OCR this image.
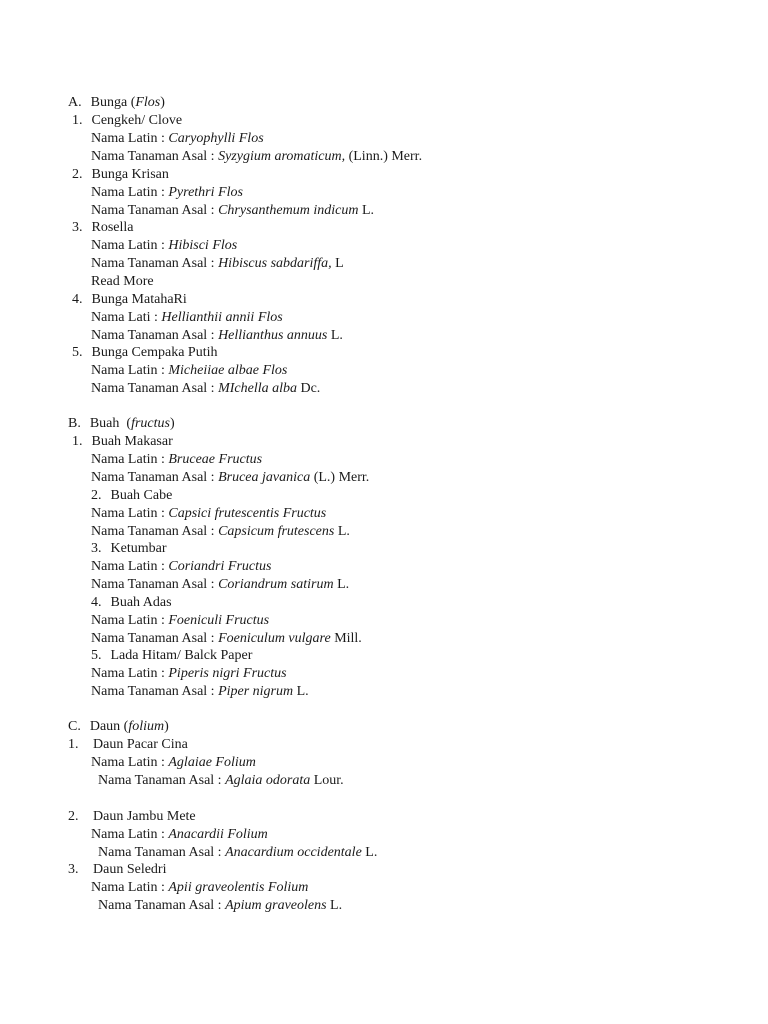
A. Bunga (Flos)
1. Cengkeh/ Clove
Nama Latin : Caryophylli Flos
Nama Tanaman Asal : Syzygium aromaticum, (Linn.) Merr.
2. Bunga Krisan
Nama Latin : Pyrethri Flos
Nama Tanaman Asal : Chrysanthemum indicum L.
3. Rosella
Nama Latin : Hibisci Flos
Nama Tanaman Asal : Hibiscus sabdariffa, L
Read More
4. Bunga MatahaRi
Nama Lati : Hellianthii annii Flos
Nama Tanaman Asal : Hellianthus annuus L.
5. Bunga Cempaka Putih
Nama Latin : Micheiiae albae Flos
Nama Tanaman Asal : MIchella alba Dc.
B. Buah  (fructus)
1. Buah Makasar
Nama Latin : Bruceae Fructus
Nama Tanaman Asal : Brucea javanica (L.) Merr.
2. Buah Cabe
Nama Latin : Capsici frutescentis Fructus
Nama Tanaman Asal : Capsicum frutescens L.
3. Ketumbar
Nama Latin : Coriandri Fructus
Nama Tanaman Asal : Coriandrum satirum L.
4. Buah Adas
Nama Latin : Foeniculi Fructus
Nama Tanaman Asal : Foeniculum vulgare Mill.
5. Lada Hitam/ Balck Paper
Nama Latin : Piperis nigri Fructus
Nama Tanaman Asal : Piper nigrum L.
C. Daun (folium)
1. Daun Pacar Cina
Nama Latin : Aglaiae Folium
Nama Tanaman Asal : Aglaia odorata Lour.
2. Daun Jambu Mete
Nama Latin : Anacardii Folium
Nama Tanaman Asal : Anacardium occidentale L.
3. Daun Seledri
Nama Latin : Apii graveolentis Folium
Nama Tanaman Asal : Apium graveolens L.
